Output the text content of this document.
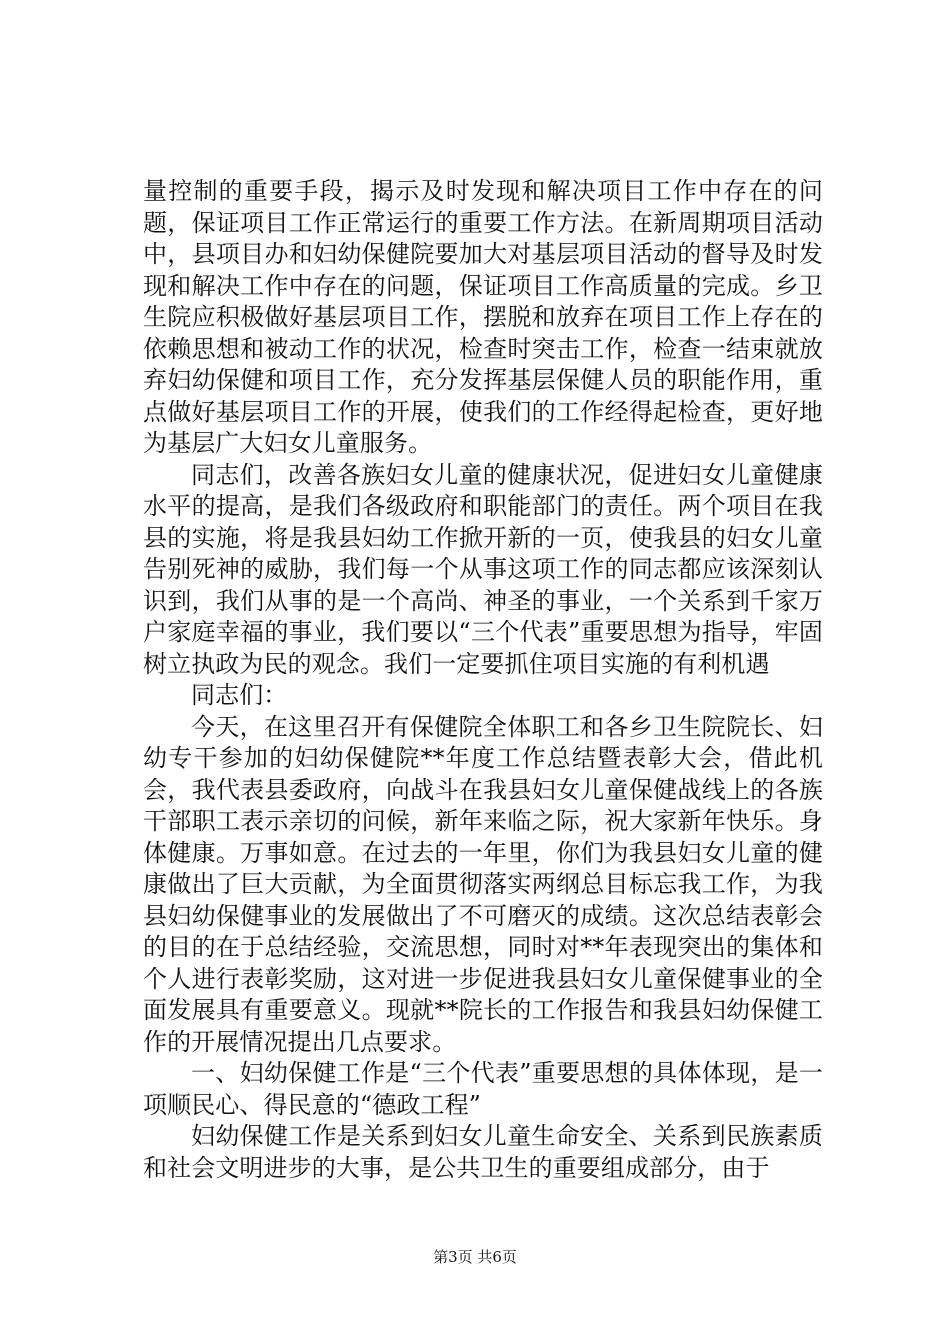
量控制的重要手段，揭示及时发现和解决项目工作中存在的问题，保证项目工作正常运行的重要工作方法。在新周期项目活动中，县项目办和妇幼保健院要加大对基层项目活动的督导及时发现和解决工作中存在的问题，保证项目工作高质量的完成。乡卫生院应积极做好基层项目工作，摆脱和放弃在项目工作上存在的依赖思想和被动工作的状况，检查时突击工作，检查一结束就放弃妇幼保健和项目工作，充分发挥基层保健人员的职能作用，重点做好基层项目工作的开展，使我们的工作经得起检查，更好地为基层广大妇女儿童服务。

同志们，改善各族妇女儿童的健康状况，促进妇女儿童健康水平的提高，是我们各级政府和职能部门的责任。两个项目在我县的实施，将是我县妇幼工作掀开新的一页，使我县的妇女儿童告别死神的威胁，我们每一个从事这项工作的同志都应该深刻认识到，我们从事的是一个高尚、神圣的事业，一个关系到千家万户家庭幸福的事业，我们要以“三个代表”重要思想为指导，牢固树立执政为民的观念。我们一定要抓住项目实施的有利机遇

同志们：

今天，在这里召开有保健院全体职工和各乡卫生院院长、妇幼专干参加的妇幼保健院**年度工作总结暨表彰大会，借此机会，我代表县委政府，向战斗在我县妇女儿童保健战线上的各族干部职工表示亲切的问候，新年来临之际，祝大家新年快乐。身体健康。万事如意。在过去的一年里，你们为我县妇女儿童的健康做出了巨大贡献，为全面贯彻落实两纲总目标忘我工作，为我县妇幼保健事业的发展做出了不可磨灭的成绩。这次总结表彰会的目的在于总结经验，交流思想，同时对**年表现突出的集体和个人进行表彰奖励，这对进一步促进我县妇女儿童保健事业的全面发展具有重要意义。现就**院长的工作报告和我县妇幼保健工作的开展情况提出几点要求。

一、妇幼保健工作是“三个代表”重要思想的具体体现，是一项顺民心、得民意的“德政工程”

妇幼保健工作是关系到妇女儿童生命安全、关系到民族素质和社会文明进步的大事，是公共卫生的重要组成部分，由于

第3页 共6页
